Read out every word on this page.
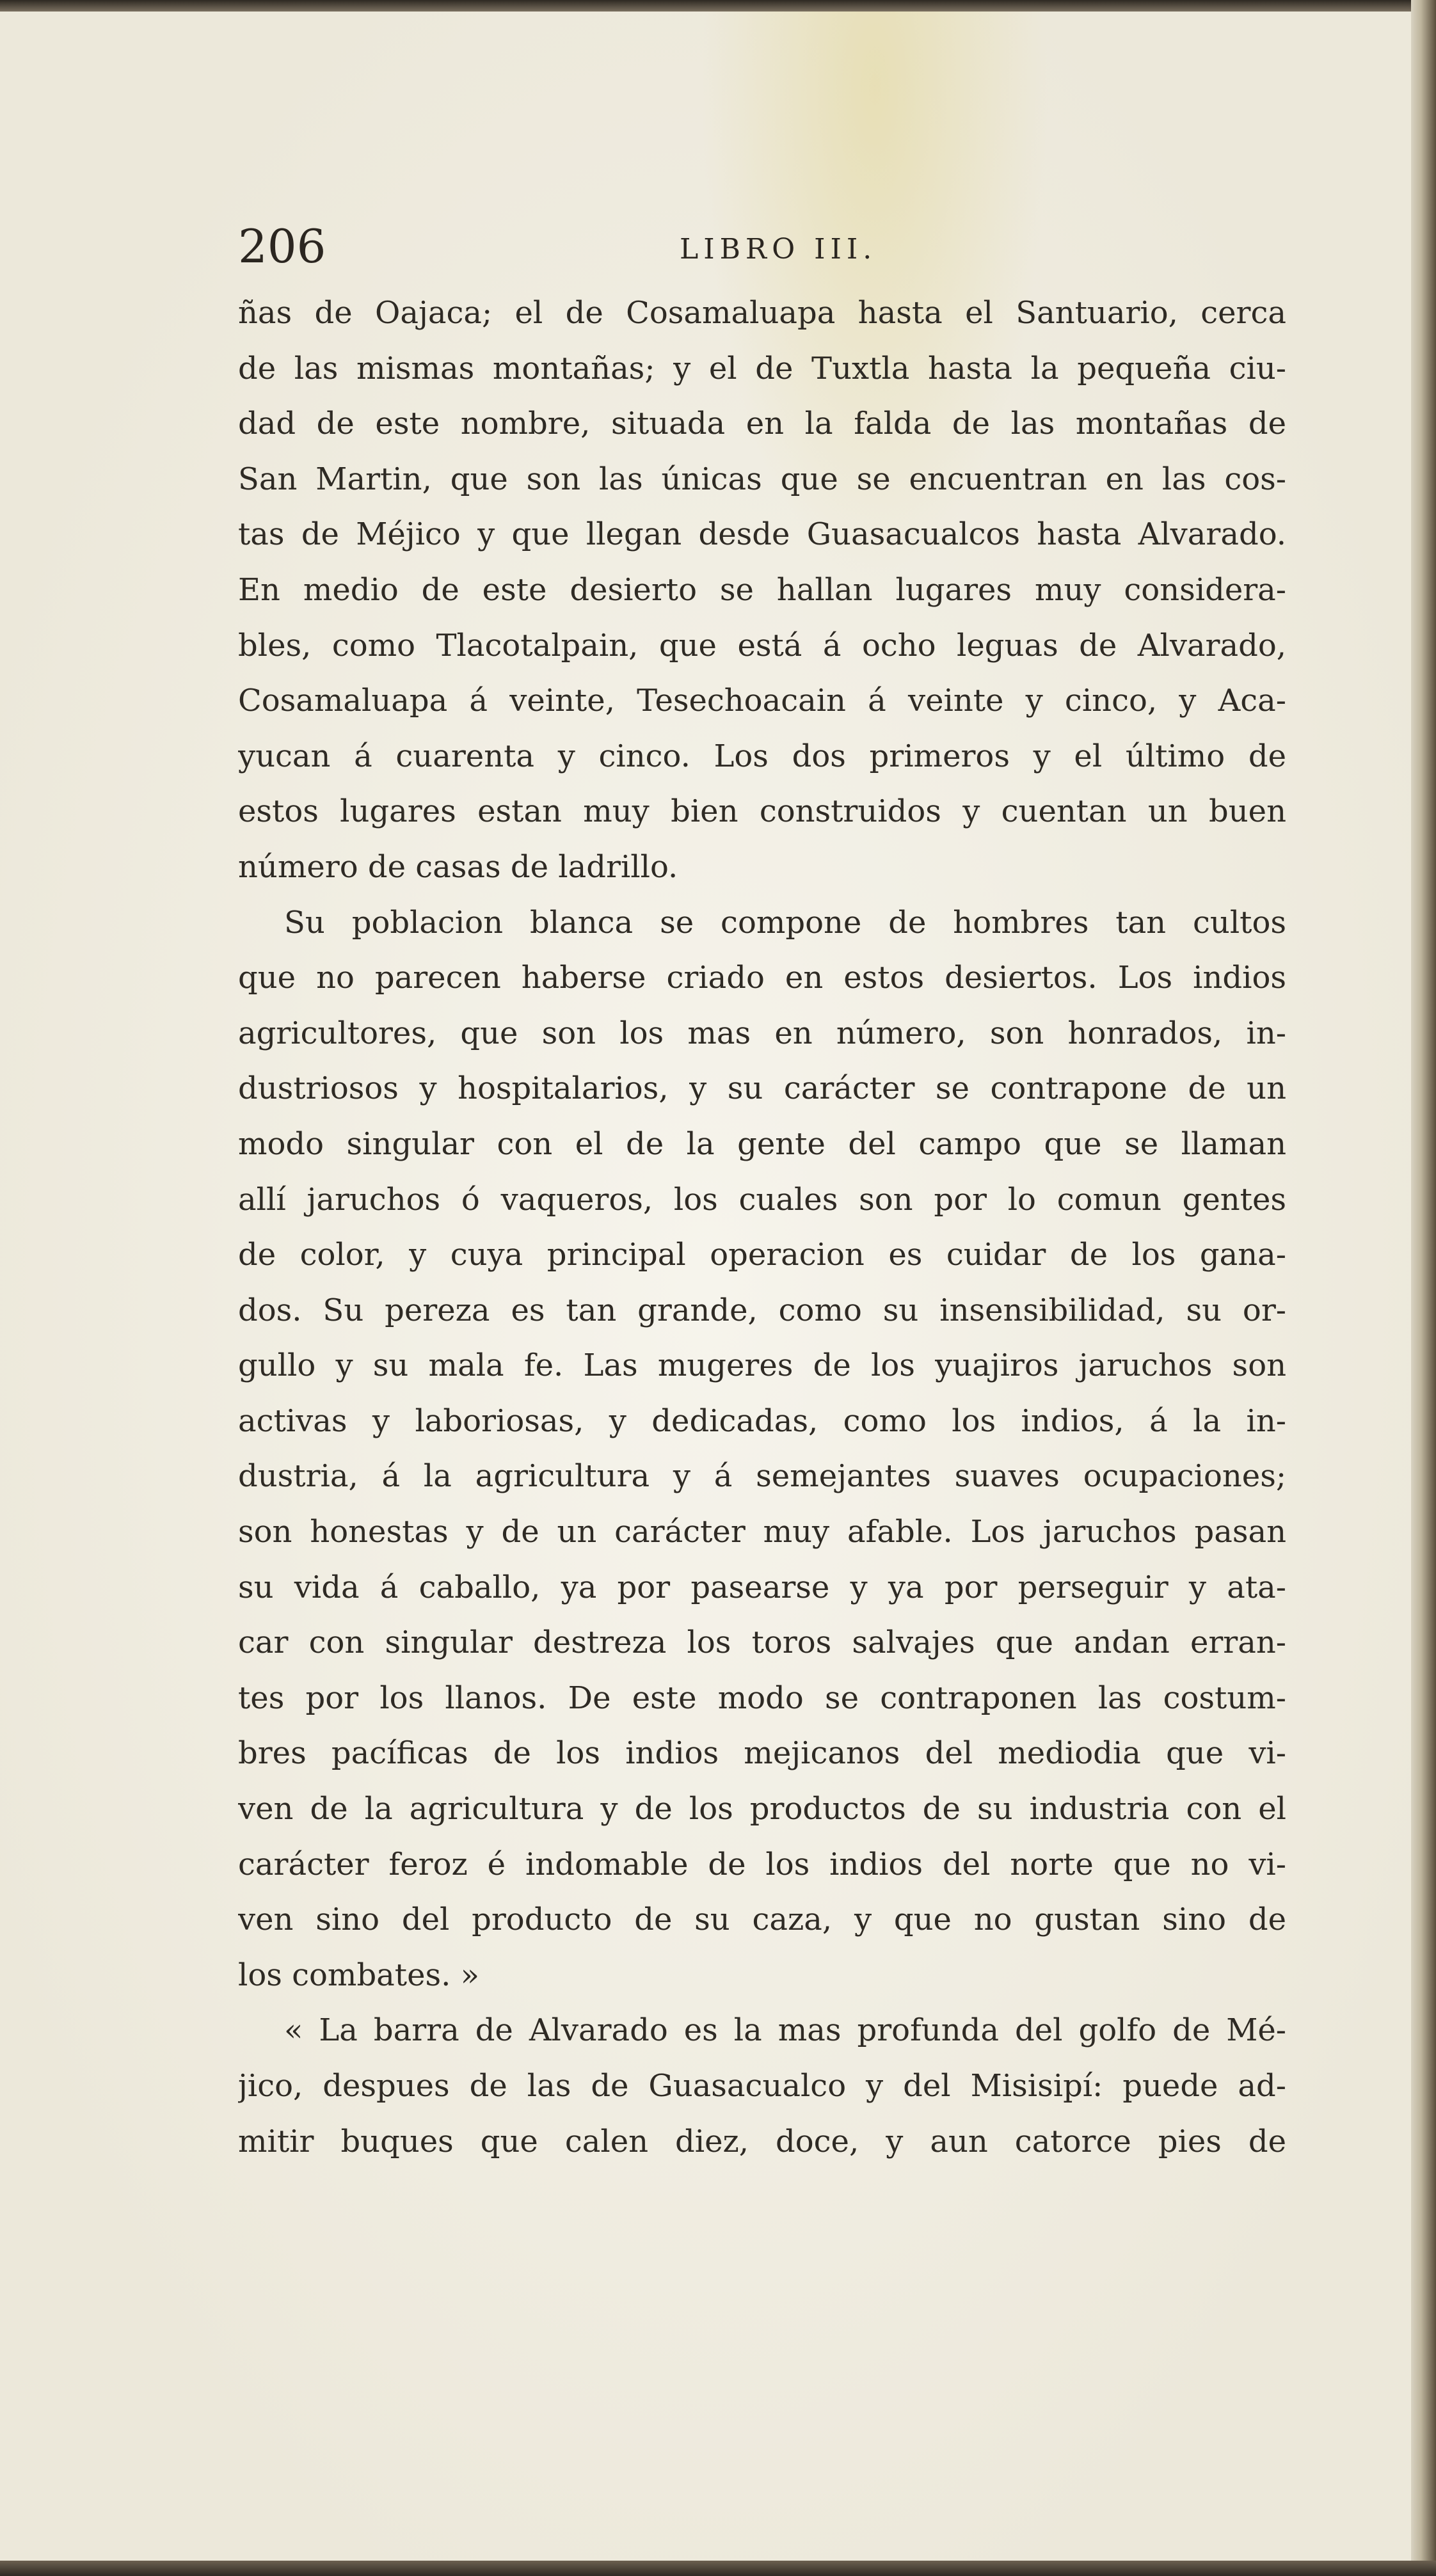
206	LIBRO III.
ñas de Oajaca; el de Cosamaluapa hasta el Santuario, cerca
de las mismas montañas; y el de Tuxtla hasta la pequeña ciu-
dad de este nombre, situada en la falda de las montañas de
San Martin, que son las únicas que se encuentran en las cos-
tas de Méjico y que llegan desde Guasacualcos hasta Alvarado.
En medio de este desierto se hallan lugares muy considera-
bles, como Tlacotalpain, que está á ocho leguas de Alvarado,
Cosamaluapa á veinte, Tesechoacain á veinte y cinco, y Aca-
yucan á cuarenta y cinco. Los dos primeros y el último de
estos lugares estan muy bien construidos y cuentan un buen
número de casas de ladrillo.
Su poblacion blanca se compone de hombres tan cultos
que no parecen haberse criado en estos desiertos. Los indios
agricultores, que son los mas en número, son honrados, in-
dustriosos y hospitalarios, y su carácter se contrapone de un
modo singular con el de la gente del campo que se llaman
allí jaruchos ó vaqueros, los cuales son por lo comun gentes
de color, y cuya principal operacion es cuidar de los gana-
dos. Su pereza es tan grande, como su insensibilidad, su or-
gullo y su mala fe. Las mugeres de los yuajiros jaruchos son
activas y laboriosas, y dedicadas, como los indios, á la in-
dustria, á la agricultura y á semejantes suaves ocupaciones;
son honestas y de un carácter muy afable. Los jaruchos pasan
su vida á caballo, ya por pasearse y ya por perseguir y ata-
car con singular destreza los toros salvajes que andan erran-
tes por los llanos. De este modo se contraponen las costum-
bres pacíficas de los indios mejicanos del mediodia que vi-
ven de la agricultura y de los productos de su industria con el
carácter feroz é indomable de los indios del norte que no vi-
ven sino del producto de su caza, y que no gustan sino de
los combates. »
« La barra de Alvarado es la mas profunda del golfo de Mé-
jico, despues de las de Guasacualco y del Misisipí: puede ad-
mitir buques que calen diez, doce, y aun catorce pies de
